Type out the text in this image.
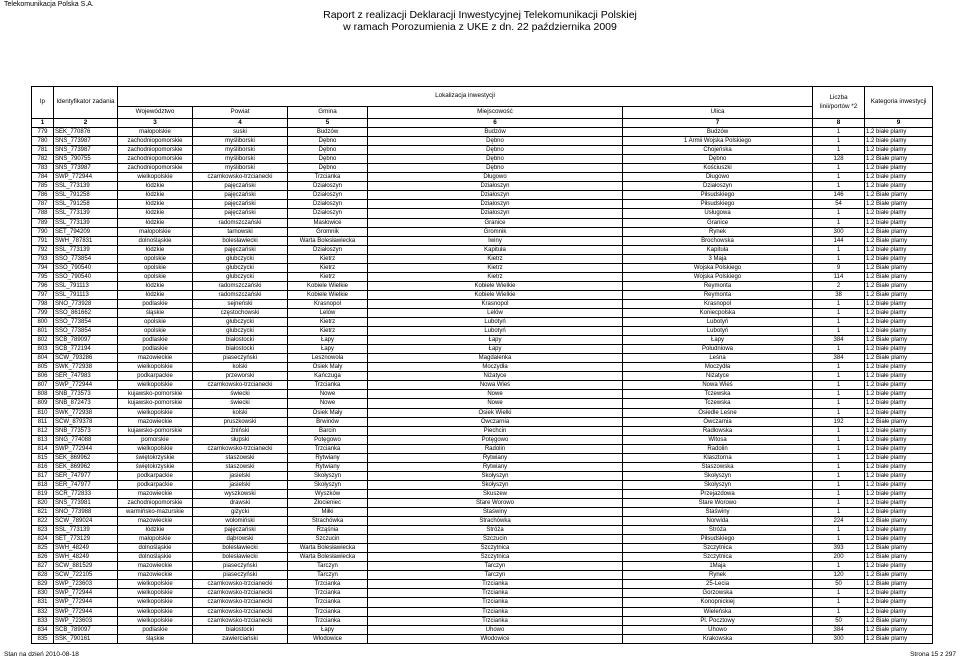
Telekomunikacja Polska S.A.
Raport z realizacji Deklaracji Inwestycyjnej Telekomunikacji Polskiej
w ramach Porozumienia z UKE z dn. 22 października 2009
lp	Identyfikator zadania	Lokalizacja inwestycji					Liczba linii/portów *2	Kategoria inwestycji
		Województwo	Powiat	Gmina	Miejscowość	Ulica		
1	2	3	4	5	6	7	8	9
779	SEK_770876	małopolskie	suski	Budzów	Budzów	Budzów	1	1.2 białe plamy
780	SNS_773987	zachodniopomorskie	myśliborski	Dębno	Dębno	1 Armii Wojska Polskiego	1	1.2 białe plamy
781	SNS_773987	zachodniopomorskie	myśliborski	Dębno	Dębno	Chojeńska	1	1.2 białe plamy
782	SNS_790755	zachodniopomorskie	myśliborski	Dębno	Dębno	Dębno	128	1.2 Białe plamy
783	SNS_773987	zachodniopomorskie	myśliborski	Dębno	Dębno	Kościuszki	1	1.2 białe plamy
784	SWP_772944	wielkopolskie	czarnkowsko-trzcianecki	Trzcianka	Długowo	Długowo	1	1.2 białe plamy
785	SSL_773139	łódzkie	pajęczański	Działoszyn	Działoszyn	Działoszyn	1	1.2 białe plamy
786	SSL_791258	łódzkie	pajęczański	Działoszyn	Działoszyn	Piłsudskiego	146	1.2 Białe plamy
787	SSL_791258	łódzkie	pajęczański	Działoszyn	Działoszyn	Piłsudskiego	54	1.2 Białe plamy
788	SSL_773139	łódzkie	pajęczański	Działoszyn	Działoszyn	Usługowa	1	1.2 białe plamy
789	SSL_773139	łódzkie	radomszczański	Masłowice	Granice	Granice	1	1.2 białe plamy
790	SET_794209	małopolskie	tarnowski	Gromnik	Gromnik	Rynek	300	1.2 Białe plamy
791	SWH_787831	dolnośląskie	bolesławiecki	Warta Bolesławiecka	Iwiny	Brochowska	144	1.2 Białe plamy
792	SSL_773139	łódzkie	pajęczański	Działoszyn	Kapituła	Kapituła	1	1.2 białe plamy
793	SSO_773854	opolskie	głubczycki	Kietrz	Kietrz	3 Maja	1	1.2 białe plamy
794	SSO_790540	opolskie	głubczycki	Kietrz	Kietrz	Wojska Polskiego	9	1.2 Białe plamy
795	SSO_790540	opolskie	głubczycki	Kietrz	Kietrz	Wojska Polskiego	114	1.2 Białe plamy
796	SSL_791113	łódzkie	radomszczański	Kobiele Wielkie	Kobiele Wielkie	Reymonta	2	1.2 Białe plamy
797	SSL_791113	łódzkie	radomszczański	Kobiele Wielkie	Kobiele Wielkie	Reymonta	38	1.2 Białe plamy
798	SNO_773928	podlaskie	sejneński	Krasnopol	Krasnopol	Krasnopol	1	1.2 białe plamy
799	SSO_861662	śląskie	częstochowski	Lelów	Lelów	Koniecpolska	1	1.2 białe plamy
800	SSO_773854	opolskie	głubczycki	Kietrz	Lubotyń	Lubotyń	1	1.2 białe plamy
801	SSO_773854	opolskie	głubczycki	Kietrz	Lubotyń	Lubotyń	1	1.2 białe plamy
802	SCB_789097	podlaskie	białostocki	Łapy	Łapy	Łapy	384	1.2 Białe plamy
803	SCB_772194	podlaskie	białostocki	Łapy	Łapy	Południowa	1	1.2 białe plamy
804	SCW_793286	mazowieckie	piaseczyński	Lesznowola	Magdalenka	Leśna	384	1.2 Białe plamy
805	SWK_772938	wielkopolskie	kolski	Osiek Mały	Moczydła	Moczydła	1	1.2 białe plamy
806	SER_747983	podkarpackie	przeworski	Kańczuga	Niżatyce	Niżatyce	1	1.2 białe plamy
807	SWP_772944	wielkopolskie	czarnkowsko-trzcianecki	Trzcianka	Nowa Wieś	Nowa Wieś	1	1.2 białe plamy
808	SNB_773573	kujawsko-pomorskie	świecki	Nowe	Nowe	Tczewska	1	1.2 białe plamy
809	SNB_872473	kujawsko-pomorskie	świecki	Nowe	Nowe	Tczewska	1	1.2 białe plamy
810	SWK_772938	wielkopolskie	kolski	Osiek Mały	Osiek Wielki	Osiedle Leśne	1	1.2 białe plamy
811	SCW_879378	mazowieckie	pruszkowski	Brwinów	Owczarnia	Owczarnia	192	1.2 Białe plamy
812	SNB_773573	kujawsko-pomorskie	żniński	Barcin	Piechcin	Radłowska	1	1.2 białe plamy
813	SNG_774088	pomorskie	słupski	Potęgowo	Potęgowo	Witosa	1	1.2 białe plamy
814	SWP_772944	wielkopolskie	czarnkowsko-trzcianecki	Trzcianka	Radolin	Radolin	1	1.2 białe plamy
815	SEK_869962	świętokrzyskie	staszowski	Rytwiany	Rytwiany	Klasztorna	1	1.2 białe plamy
816	SEK_869962	świętokrzyskie	staszowski	Rytwiany	Rytwiany	Staszowska	1	1.2 białe plamy
817	SER_747977	podkarpackie	jasielski	Skołyszyn	Skołyszyn	Skołyszyn	1	1.2 białe plamy
818	SER_747977	podkarpackie	jasielski	Skołyszyn	Skołyszyn	Skołyszyn	1	1.2 białe plamy
819	SCR_772833	mazowieckie	wyszkowski	Wyszków	Skuszew	Przejazdowa	1	1.2 białe plamy
820	SNS_773981	zachodniopomorskie	drawski	Złocieniec	Stare Worowo	Stare Worowo	1	1.2 białe plamy
821	SNO_773988	warmińsko-mazurskie	giżycki	Miłki	Staświny	Staświny	1	1.2 białe plamy
822	SCW_789024	mazowieckie	wołomiński	Strachówka	Strachówka	Norwida	224	1.2 Białe plamy
823	SSL_773139	łódzkie	pajęczański	Rząśnia	Stróża	Stróża	1	1.2 białe plamy
824	SET_773129	małopolskie	dąbrowski	Szczucin	Szczucin	Piłsudskiego	1	1.2 białe plamy
825	SWH_48249	dolnośląskie	bolesławiecki	Warta Bolesławiecka	Szczytnica	Szczytnica	393	1.2 Białe plamy
826	SWH_48249	dolnośląskie	bolesławiecki	Warta Bolesławiecka	Szczytnica	Szczytnica	200	1.2 Białe plamy
827	SCW_881529	mazowieckie	piaseczyński	Tarczyn	Tarczyn	1Maja	1	1.2 białe plamy
828	SCW_722105	mazowieckie	piaseczyński	Tarczyn	Tarczyn	Rynek	120	1.2 Białe plamy
829	SWP_723603	wielkopolskie	czarnkowsko-trzcianecki	Trzcianka	Trzcianka	25-Lecia	50	1.2 Białe plamy
830	SWP_772944	wielkopolskie	czarnkowsko-trzcianecki	Trzcianka	Trzcianka	Gorzowska	1	1.2 białe plamy
831	SWP_772944	wielkopolskie	czarnkowsko-trzcianecki	Trzcianka	Trzcianka	Konopnickiej	1	1.2 białe plamy
832	SWP_772944	wielkopolskie	czarnkowsko-trzcianecki	Trzcianka	Trzcianka	Wieleńska	1	1.2 białe plamy
833	SWP_723603	wielkopolskie	czarnkowsko-trzcianecki	Trzcianka	Trzcianka	Pl. Pocztowy	50	1.2 Białe plamy
834	SCB_789097	podlaskie	białostocki	Łapy	Uhowo	Uhowo	384	1.2 Białe plamy
835	SSK_790161	śląskie	zawierciański	Włodowice	Włodowice	Krakowska	300	1.2 Białe plamy
Stan na dzień 2010-08-18	Strona 15 z 297
